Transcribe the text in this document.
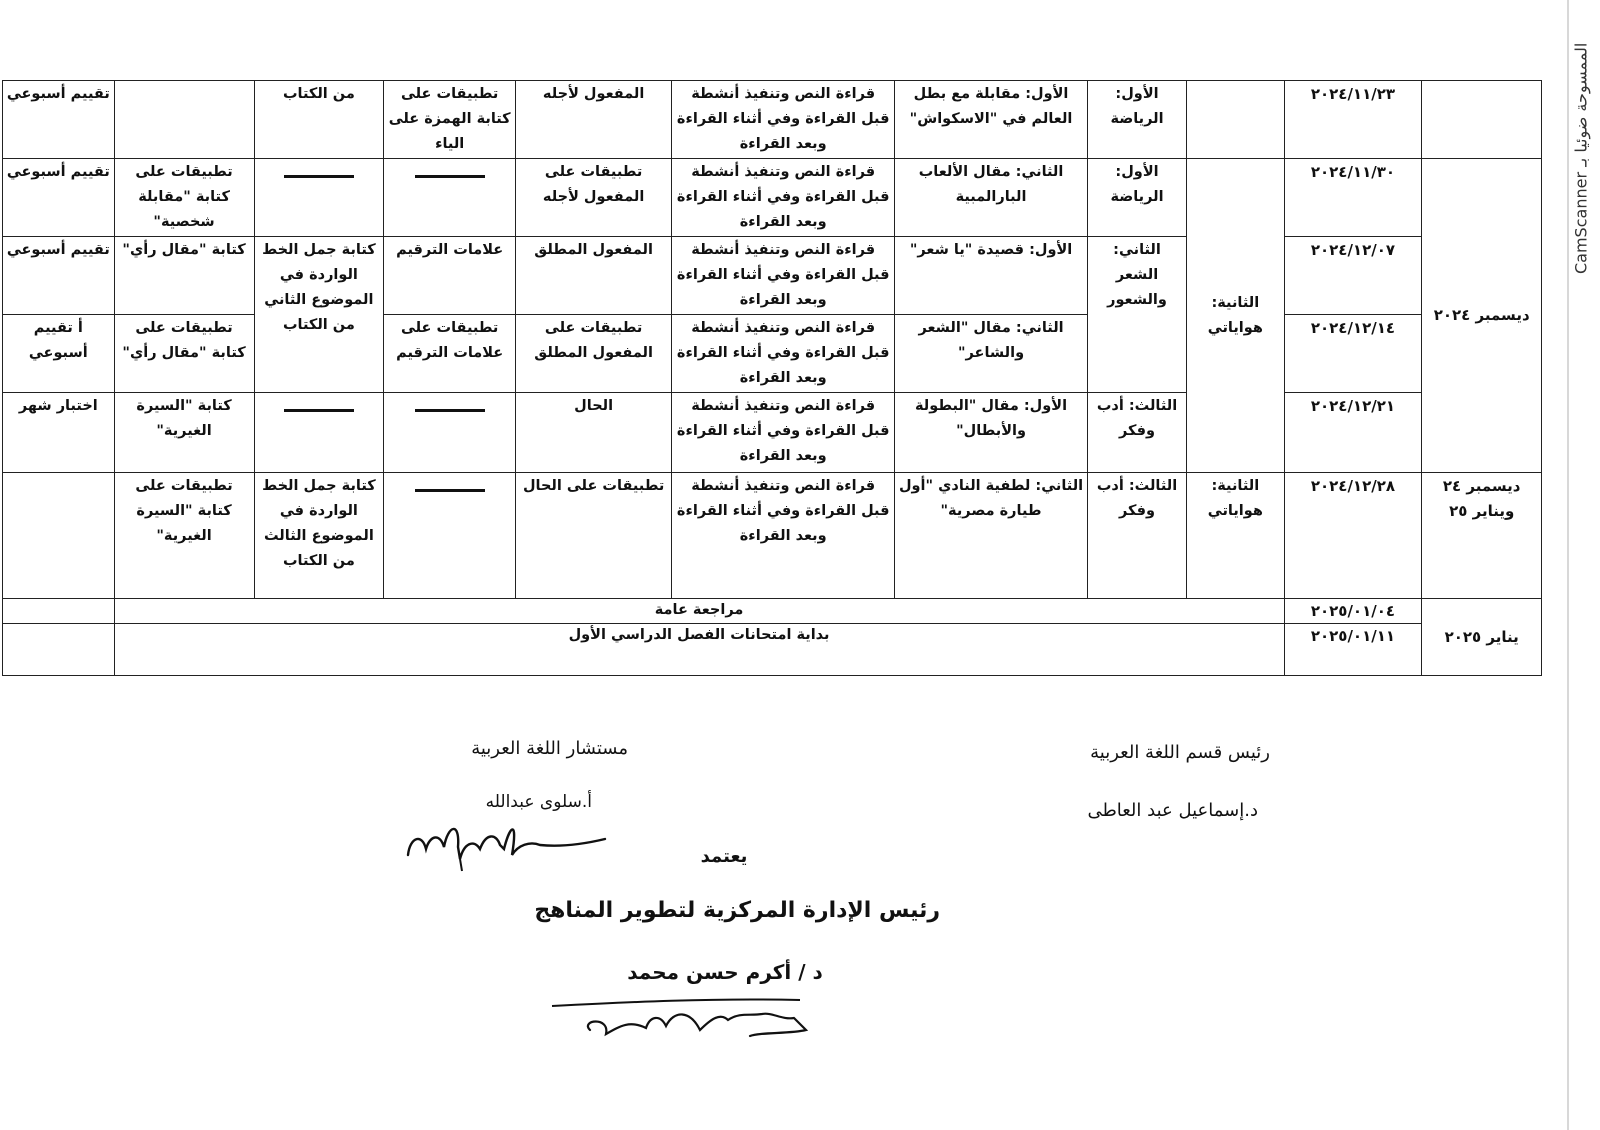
الممسوحة ضوئيا بـ CamScanner
	٢٠٢٤/١١/٢٣		الأول: الرياضة	الأول: مقابلة مع بطل العالم في "الاسكواش"	قراءة النص وتنفيذ أنشطة قبل القراءة وفي أثناء القراءة وبعد القراءة	المفعول لأجله	تطبيقات على كتابة الهمزة على الياء	من الكتاب		تقييم أسبوعي
ديسمبر ٢٠٢٤	٢٠٢٤/١١/٣٠	الثانية: هواياتي	الأول: الرياضة	الثاني: مقال الألعاب البارالمبية	قراءة النص وتنفيذ أنشطة قبل القراءة وفي أثناء القراءة وبعد القراءة	تطبيقات على المفعول لأجله			تطبيقات على كتابة "مقابلة شخصية"	تقييم أسبوعي
	٢٠٢٤/١٢/٠٧		الثاني: الشعر والشعور	الأول: قصيدة "يا شعر"	قراءة النص وتنفيذ أنشطة قبل القراءة وفي أثناء القراءة وبعد القراءة	المفعول المطلق	علامات الترقيم	كتابة جمل الخط الواردة في الموضوع الثاني من الكتاب	كتابة "مقال رأي"	تقييم أسبوعي
	٢٠٢٤/١٢/١٤			الثاني: مقال "الشعر والشاعر"	قراءة النص وتنفيذ أنشطة قبل القراءة وفي أثناء القراءة وبعد القراءة	تطبيقات على المفعول المطلق	تطبيقات على علامات الترقيم		تطبيقات على كتابة "مقال رأي"	أ تقييم أسبوعي
	٢٠٢٤/١٢/٢١		الثالث: أدب وفكر	الأول: مقال "البطولة والأبطال"	قراءة النص وتنفيذ أنشطة قبل القراءة وفي أثناء القراءة وبعد القراءة	الحال			كتابة "السيرة الغيرية"	اختبار شهر
ديسمبر ٢٤ ويناير ٢٥	٢٠٢٤/١٢/٢٨	الثانية: هواياتي	الثالث: أدب وفكر	الثاني: لطفية النادي "أول طيارة مصرية"	قراءة النص وتنفيذ أنشطة قبل القراءة وفي أثناء القراءة وبعد القراءة	تطبيقات على الحال		كتابة جمل الخط الواردة في الموضوع الثالث من الكتاب	تطبيقات على كتابة "السيرة الغيرية"	
	٢٠٢٥/٠١/٠٤	مراجعة عامة								
يناير ٢٠٢٥	٢٠٢٥/٠١/١١	بداية امتحانات الفصل الدراسي الأول								
رئيس قسم اللغة العربية
د.إسماعيل عبد العاطى
مستشار اللغة العربية
أ.سلوى عبدالله
يعتمد
رئيس الإدارة المركزية لتطوير المناهج
د / أكرم حسن محمد
